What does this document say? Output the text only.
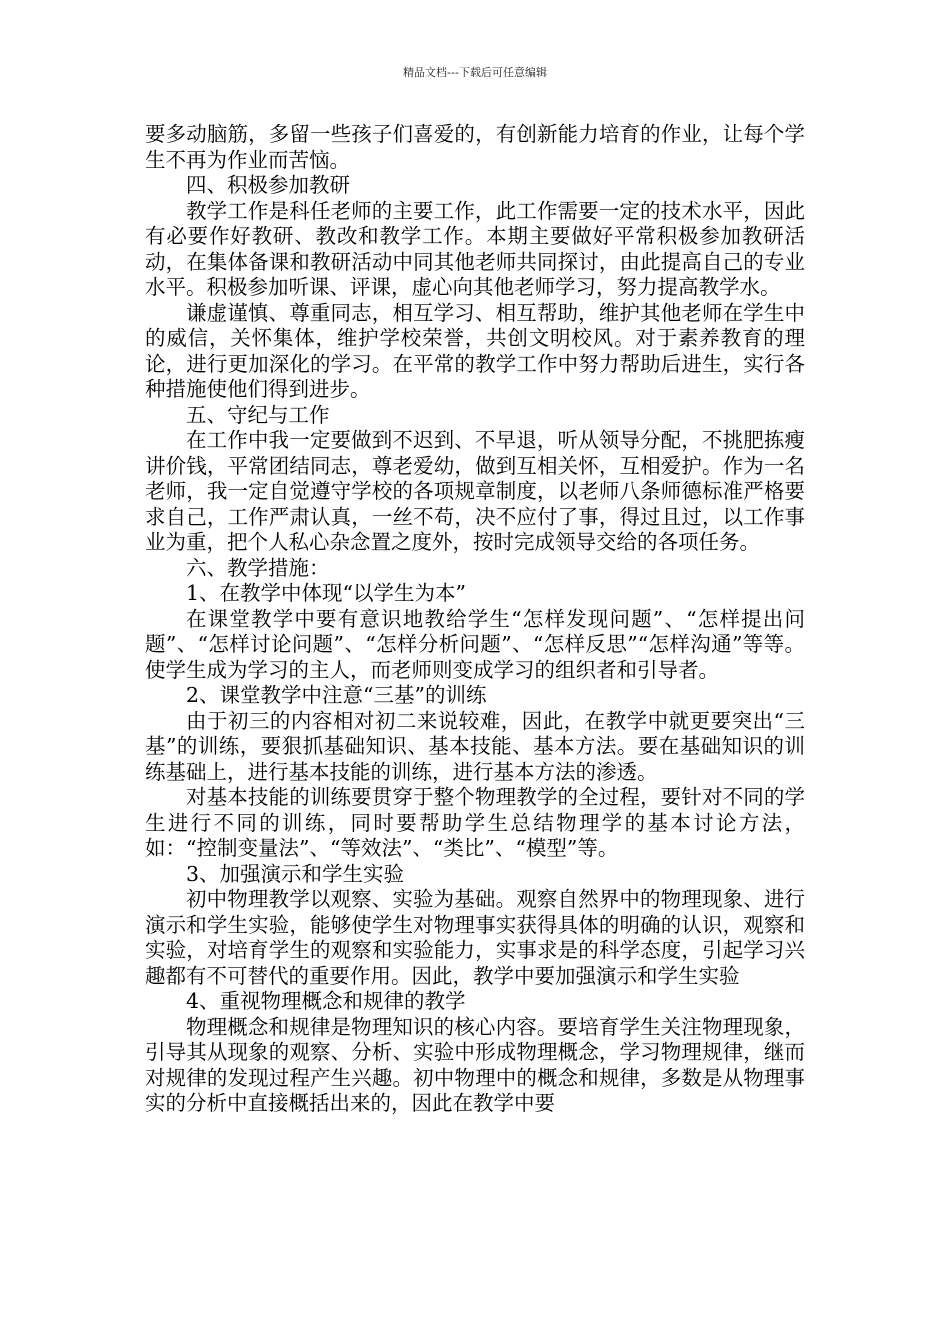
精品文档---下载后可任意编辑

要多动脑筋，多留一些孩子们喜爱的，有创新能力培育的作业，让每个学生不再为作业而苦恼。

四、积极参加教研

教学工作是科任老师的主要工作，此工作需要一定的技术水平，因此有必要作好教研、教改和教学工作。本期主要做好平常积极参加教研活动，在集体备课和教研活动中同其他老师共同探讨，由此提高自己的专业水平。积极参加听课、评课，虚心向其他老师学习，努力提高教学水。

谦虚谨慎、尊重同志，相互学习、相互帮助，维护其他老师在学生中的威信，关怀集体，维护学校荣誉，共创文明校风。对于素养教育的理论，进行更加深化的学习。在平常的教学工作中努力帮助后进生，实行各种措施使他们得到进步。

五、守纪与工作

在工作中我一定要做到不迟到、不早退，听从领导分配，不挑肥拣瘦讲价钱，平常团结同志，尊老爱幼，做到互相关怀，互相爱护。作为一名老师，我一定自觉遵守学校的各项规章制度，以老师八条师德标准严格要求自己，工作严肃认真，一丝不苟，决不应付了事，得过且过，以工作事业为重，把个人私心杂念置之度外，按时完成领导交给的各项任务。

六、教学措施：

1、在教学中体现“以学生为本”

在课堂教学中要有意识地教给学生“怎样发现问题”、“怎样提出问题”、“怎样讨论问题”、“怎样分析问题”、“怎样反思”“怎样沟通”等等。使学生成为学习的主人，而老师则变成学习的组织者和引导者。

2、课堂教学中注意“三基”的训练

由于初三的内容相对初二来说较难，因此，在教学中就更要突出“三基”的训练，要狠抓基础知识、基本技能、基本方法。要在基础知识的训练基础上，进行基本技能的训练，进行基本方法的渗透。

对基本技能的训练要贯穿于整个物理教学的全过程，要针对不同的学生进行不同的训练，同时要帮助学生总结物理学的基本讨论方法，如：“控制变量法”、“等效法”、“类比”、“模型”等。

3、加强演示和学生实验

初中物理教学以观察、实验为基础。观察自然界中的物理现象、进行演示和学生实验，能够使学生对物理事实获得具体的明确的认识，观察和实验，对培育学生的观察和实验能力，实事求是的科学态度，引起学习兴趣都有不可替代的重要作用。因此，教学中要加强演示和学生实验

4、重视物理概念和规律的教学

物理概念和规律是物理知识的核心内容。要培育学生关注物理现象，引导其从现象的观察、分析、实验中形成物理概念，学习物理规律，继而对规律的发现过程产生兴趣。初中物理中的概念和规律，多数是从物理事实的分析中直接概括出来的，因此在教学中要
